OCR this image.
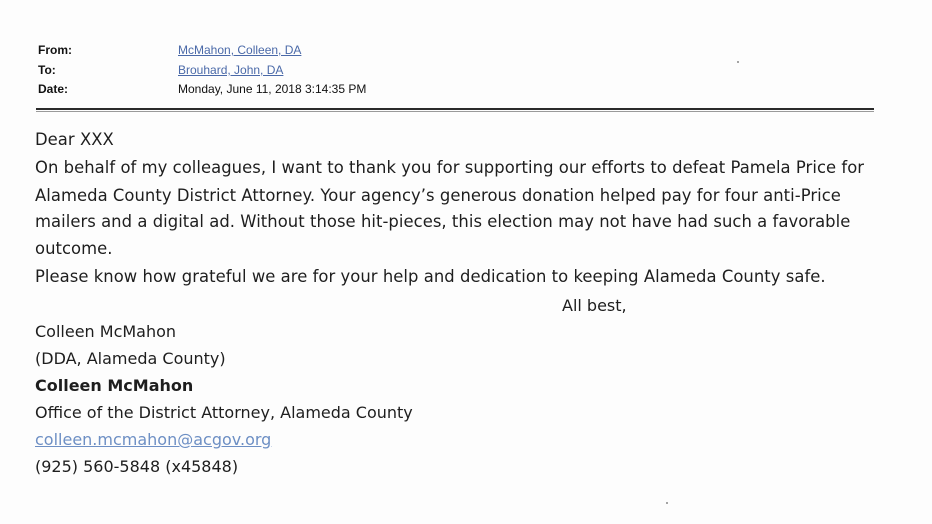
From:	McMahon, Colleen, DA
To:	Brouhard, John, DA
Date:	Monday, June 11, 2018 3:14:35 PM
Dear XXX
On behalf of my colleagues, I want to thank you for supporting our efforts to defeat Pamela Price for
Alameda County District Attorney. Your agency’s generous donation helped pay for four anti-Price
mailers and a digital ad. Without those hit-pieces, this election may not have had such a favorable
outcome.
Please know how grateful we are for your help and dedication to keeping Alameda County safe.
All best,
Colleen McMahon
(DDA, Alameda County)
Colleen McMahon
Office of the District Attorney, Alameda County
colleen.mcmahon@acgov.org
(925) 560-5848 (x45848)
